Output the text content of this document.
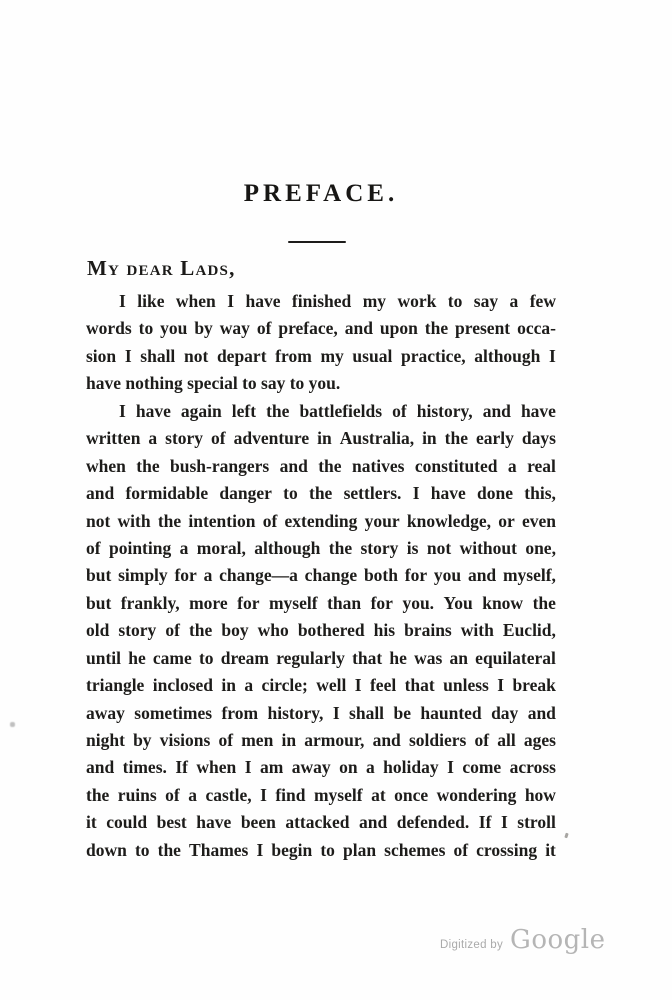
PREFACE.
My dear Lads,
I like when I have finished my work to say a few
words to you by way of preface, and upon the present occa-
sion I shall not depart from my usual practice, although I
have nothing special to say to you.
I have again left the battlefields of history, and have
written a story of adventure in Australia, in the early days
when the bush-rangers and the natives constituted a real
and formidable danger to the settlers. I have done this,
not with the intention of extending your knowledge, or even
of pointing a moral, although the story is not without one,
but simply for a change—a change both for you and myself,
but frankly, more for myself than for you. You know the
old story of the boy who bothered his brains with Euclid,
until he came to dream regularly that he was an equilateral
triangle inclosed in a circle; well I feel that unless I break
away sometimes from history, I shall be haunted day and
night by visions of men in armour, and soldiers of all ages
and times. If when I am away on a holiday I come across
the ruins of a castle, I find myself at once wondering how
it could best have been attacked and defended. If I stroll
down to the Thames I begin to plan schemes of crossing it
Digitized by Google
